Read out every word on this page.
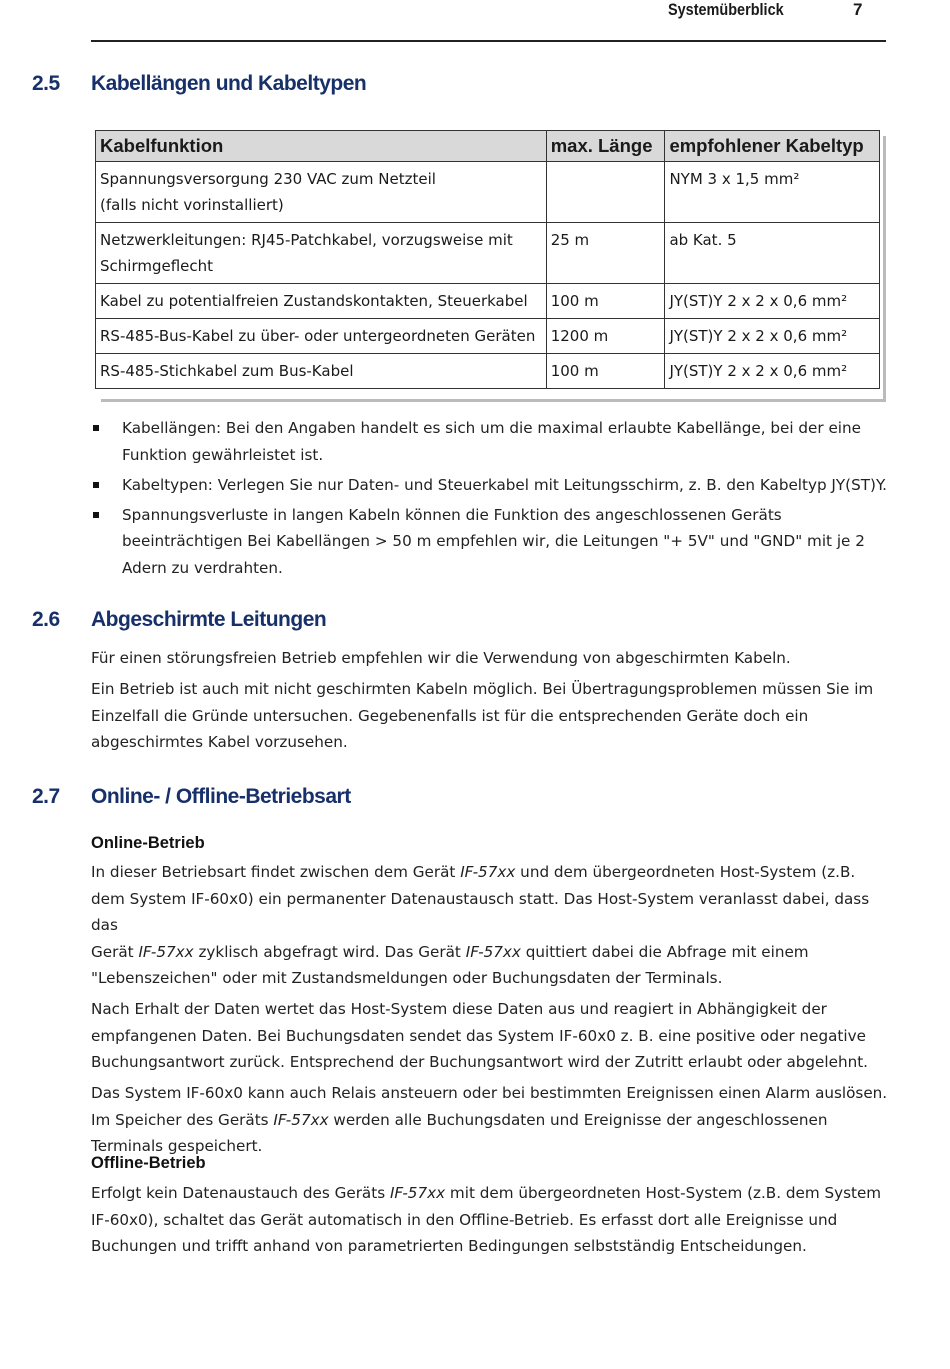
Systemüberblick	7
2.5 Kabellängen und Kabeltypen
Kabelfunktion	max. Länge	empfohlener Kabeltyp
Spannungsversorgung 230 VAC zum Netzteil
(falls nicht vorinstalliert)		NYM 3 x 1,5 mm²
Netzwerkleitungen: RJ45-Patchkabel, vorzugsweise mit
Schirmgeflecht	25 m	ab Kat. 5
Kabel zu potentialfreien Zustandskontakten, Steuerkabel	100 m	JY(ST)Y 2 x 2 x 0,6 mm²
RS-485-Bus-Kabel zu über- oder untergeordneten Geräten	1200 m	JY(ST)Y 2 x 2 x 0,6 mm²
RS-485-Stichkabel zum Bus-Kabel	100 m	JY(ST)Y 2 x 2 x 0,6 mm²
Kabellängen: Bei den Angaben handelt es sich um die maximal erlaubte Kabellänge, bei der eine
Funktion gewährleistet ist.
Kabeltypen: Verlegen Sie nur Daten- und Steuerkabel mit Leitungsschirm, z. B. den Kabeltyp JY(ST)Y.
Spannungsverluste in langen Kabeln können die Funktion des angeschlossenen Geräts
beeinträchtigen Bei Kabellängen > 50 m empfehlen wir, die Leitungen "+ 5V" und "GND" mit je 2
Adern zu verdrahten.
2.6 Abgeschirmte Leitungen

Für einen störungsfreien Betrieb empfehlen wir die Verwendung von abgeschirmten Kabeln.

Ein Betrieb ist auch mit nicht geschirmten Kabeln möglich. Bei Übertragungsproblemen müssen Sie im
Einzelfall die Gründe untersuchen. Gegebenenfalls ist für die entsprechenden Geräte doch ein
abgeschirmtes Kabel vorzusehen.

2.7 Online- / Offline-Betriebsart
Online-Betrieb

In dieser Betriebsart findet zwischen dem Gerät IF-57xx und dem übergeordneten Host-System (z.B.
dem System IF-60x0) ein permanenter Datenaustausch statt. Das Host-System veranlasst dabei, dass das
Gerät IF-57xx zyklisch abgefragt wird. Das Gerät IF-57xx quittiert dabei die Abfrage mit einem
"Lebenszeichen" oder mit Zustandsmeldungen oder Buchungsdaten der Terminals.

Nach Erhalt der Daten wertet das Host-System diese Daten aus und reagiert in Abhängigkeit der
empfangenen Daten. Bei Buchungsdaten sendet das System IF-60x0 z. B. eine positive oder negative
Buchungsantwort zurück. Entsprechend der Buchungsantwort wird der Zutritt erlaubt oder abgelehnt.

Das System IF-60x0 kann auch Relais ansteuern oder bei bestimmten Ereignissen einen Alarm auslösen.
Im Speicher des Geräts IF-57xx werden alle Buchungsdaten und Ereignisse der angeschlossenen
Terminals gespeichert.

Offline-Betrieb

Erfolgt kein Datenaustauch des Geräts IF-57xx mit dem übergeordneten Host-System (z.B. dem System
IF-60x0), schaltet das Gerät automatisch in den Offline-Betrieb. Es erfasst dort alle Ereignisse und
Buchungen und trifft anhand von parametrierten Bedingungen selbstständig Entscheidungen.
